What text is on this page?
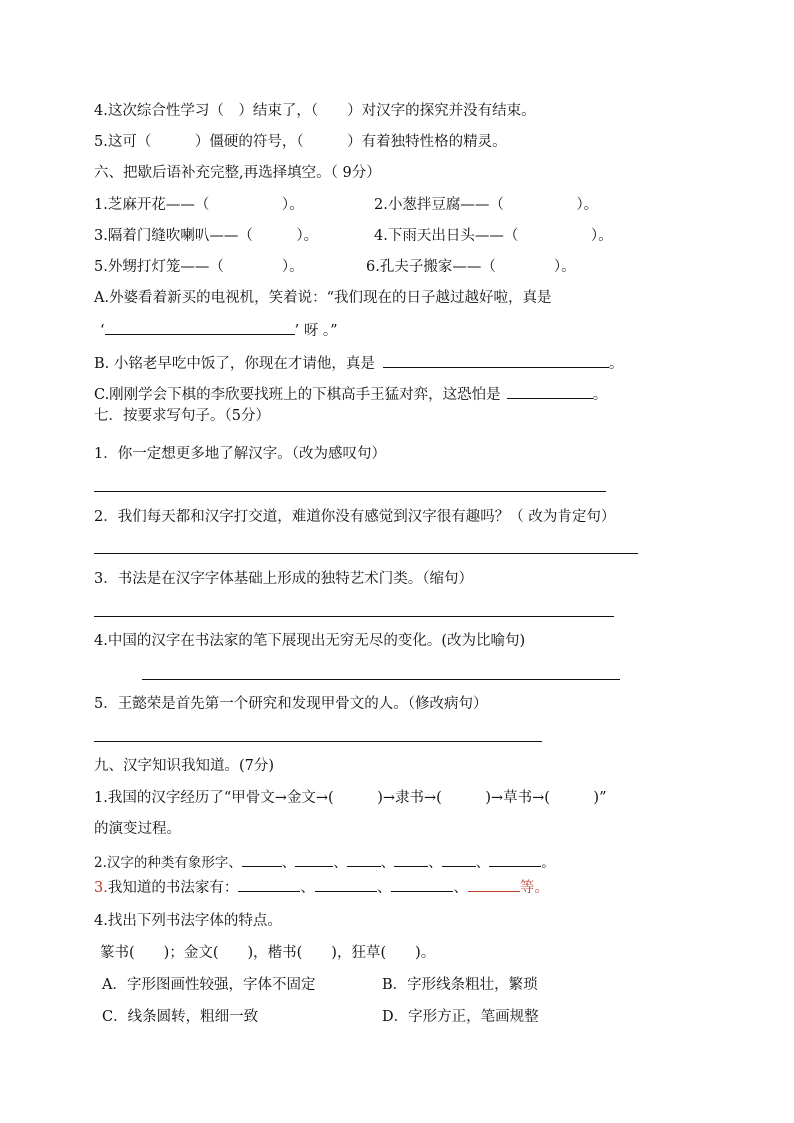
4.这次综合性学习（　）结束了，（　　）对汉字的探究并没有结束。
5.这可（　　　）僵硬的符号，（　　　）有着独特性格的精灵。
六、把歇后语补充完整,再选择填空。（ 9分）
1.芝麻开花——（　　　　　）。	2.小葱拌豆腐——（　　　　　）。
3.隔着门缝吹喇叭——（　　　）。	4.下雨天出日头——（　　　　　）。
5.外甥打灯笼——（　　　　）。	6.孔夫子搬家——（　　　　）。
A.外婆看着新买的电视机，笑着说：“我们现在的日子越过越好啦，真是
‘	’ 呀 。”
B. 小铭老早吃中饭了，你现在才请他，真是	。
C.刚刚学会下棋的李欣要找班上的下棋高手王猛对弈，这恐怕是	。
七．按要求写句子。（5分）
1．你一定想更多地了解汉字。（改为感叹句）
2．我们每天都和汉字打交道，难道你没有感觉到汉字很有趣吗？（ 改为肯定句）
3．书法是在汉字字体基础上形成的独特艺术门类。（缩句）
4.中国的汉字在书法家的笔下展现出无穷无尽的变化。(改为比喻句)
5．王懿荣是首先第一个研究和发现甲骨文的人。（修改病句）
九、汉字知识我知道。(7分)
1.我国的汉字经历了“甲骨文→金文→(　　　)→隶书→(　　　)→草书→(　　　)”
的演变过程。
2.汉字的种类有象形字、	、	、	、	、	、	。
3.我知道的书法家有：	、	、	、	等。
4.找出下列书法字体的特点。
篆书(　　)；金文(　　)，楷书(　　)，狂草(　　)。
A．字形图画性较强，字体不固定	B．字形线条粗壮，繁琐
C．线条圆转，粗细一致	D．字形方正，笔画规整
